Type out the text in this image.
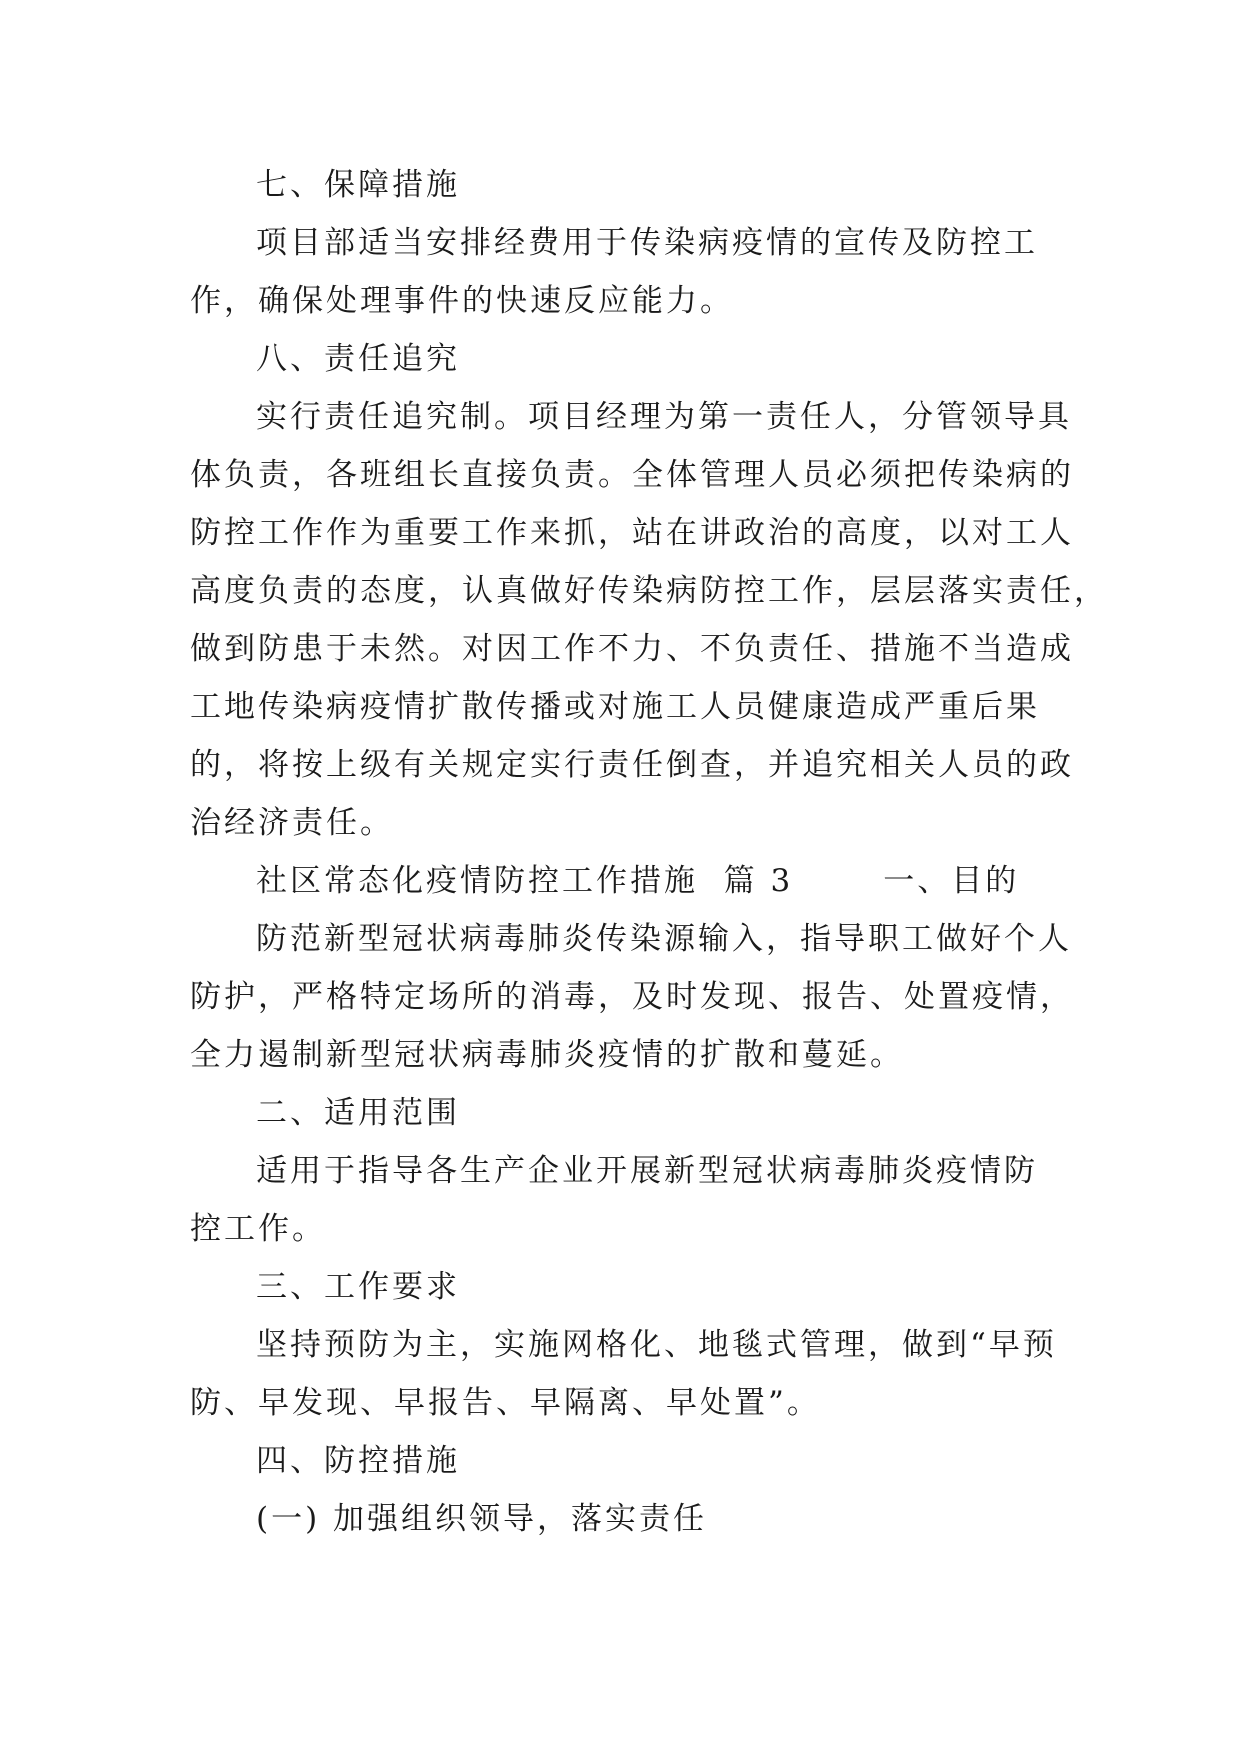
七、保障措施

项目部适当安排经费用于传染病疫情的宣传及防控工

作，确保处理事件的快速反应能力。

八、责任追究

实行责任追究制。项目经理为第一责任人，分管领导具

体负责，各班组长直接负责。全体管理人员必须把传染病的

防控工作作为重要工作来抓，站在讲政治的高度，以对工人

高度负责的态度，认真做好传染病防控工作，层层落实责任，

做到防患于未然。对因工作不力、不负责任、措施不当造成

工地传染病疫情扩散传播或对施工人员健康造成严重后果

的，将按上级有关规定实行责任倒查，并追究相关人员的政

治经济责任。

社区常态化疫情防控工作措施  篇 3       一、目的

防范新型冠状病毒肺炎传染源输入，指导职工做好个人

防护，严格特定场所的消毒，及时发现、报告、处置疫情，

全力遏制新型冠状病毒肺炎疫情的扩散和蔓延。

二、适用范围

适用于指导各生产企业开展新型冠状病毒肺炎疫情防

控工作。

三、工作要求

坚持预防为主，实施网格化、地毯式管理，做到“早预

防、早发现、早报告、早隔离、早处置”。

四、防控措施

(一) 加强组织领导，落实责任
